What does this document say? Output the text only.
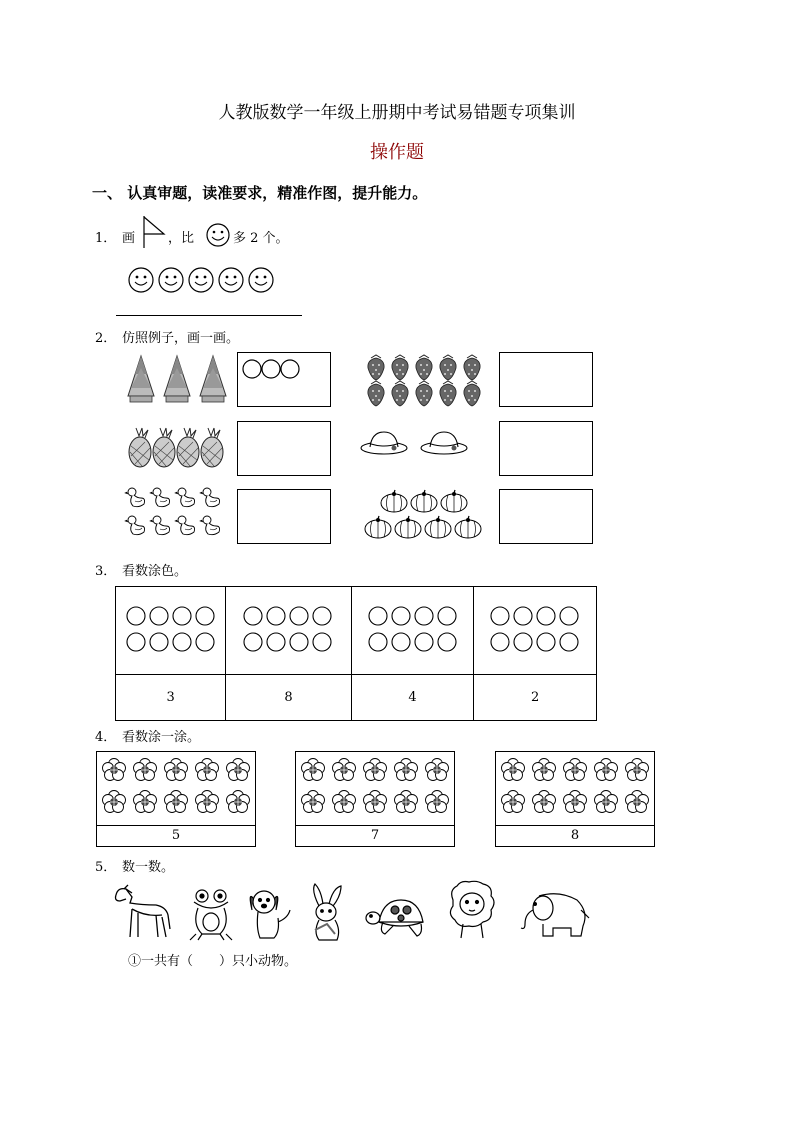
人教版数学一年级上册期中考试易错题专项集训
操作题
一、 认真审题，读准要求，精准作图，提升能力。
1． 画	，比	多 2 个。
2． 仿照例子，画一画。
3． 看数涂色。

3	8	4	2
4． 看数涂一涂。
5	7	8
5． 数一数。
①一共有（　　）只小动物。
